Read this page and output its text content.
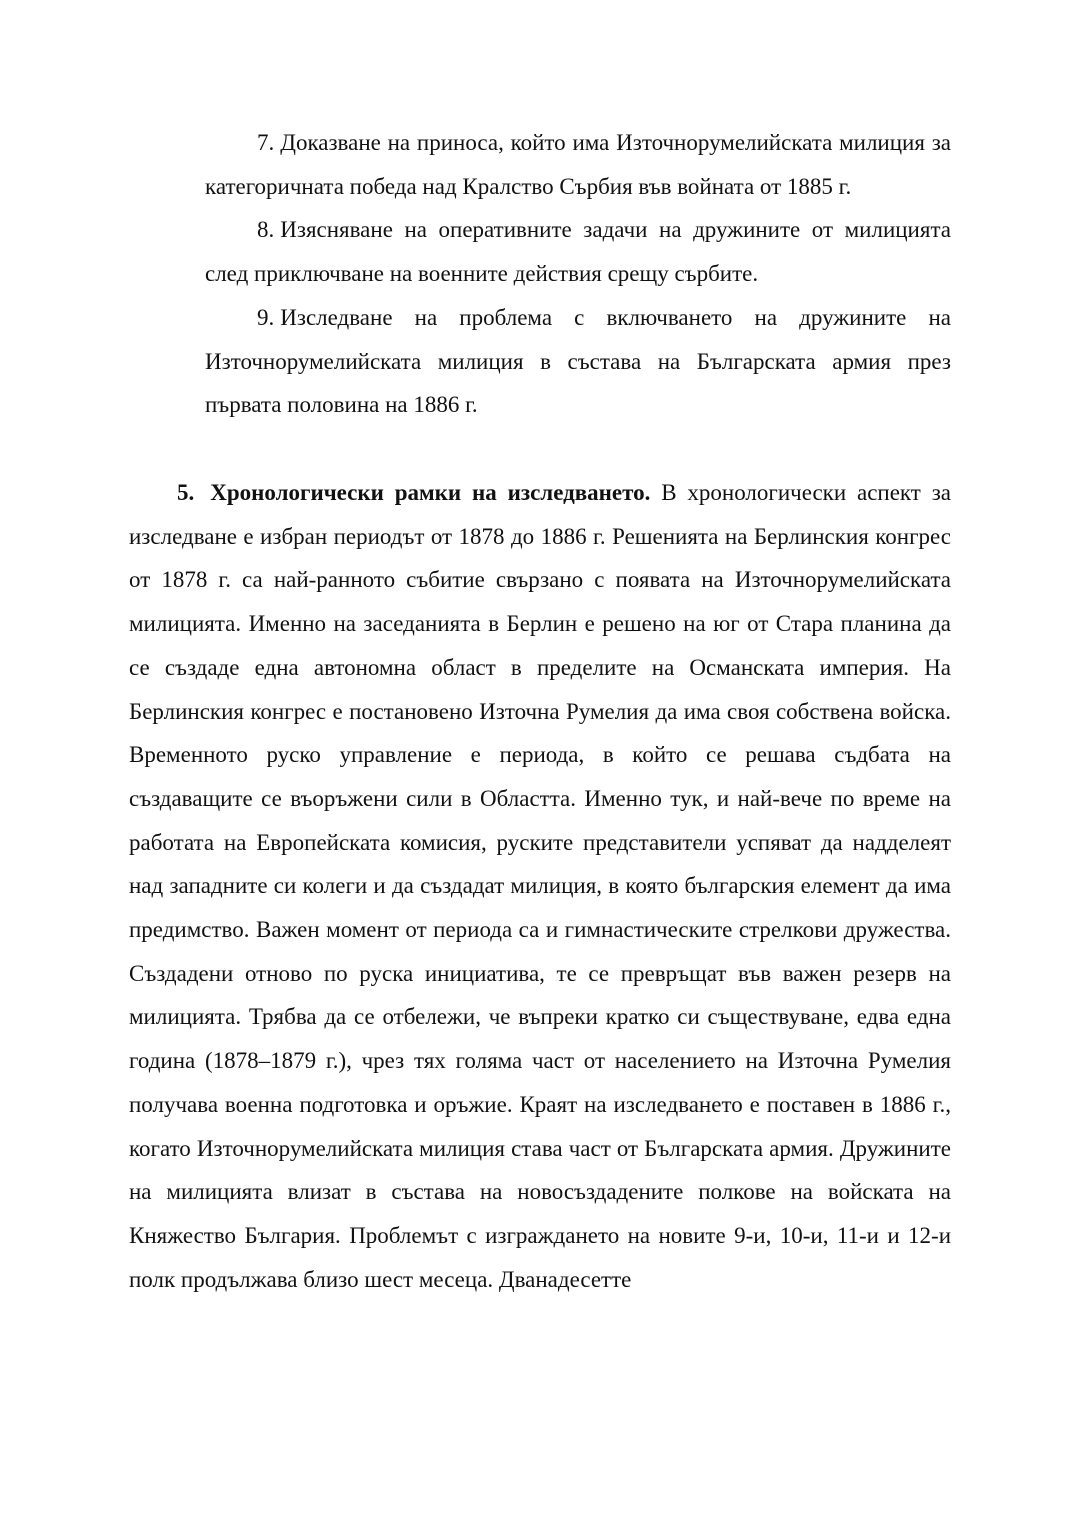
7. Доказване на приноса, който има Източнорумелийската милиция за категоричната победа над Кралство Сърбия във войната от 1885 г.
8. Изясняване на оперативните задачи на дружините от милицията след приключване на военните действия срещу сърбите.
9. Изследване на проблема с включването на дружините на Източнорумелийската милиция в състава на Българската армия през първата половина на 1886 г.

5. Хронологически рамки на изследването. В хронологически аспект за изследване е избран периодът от 1878 до 1886 г. Решенията на Берлинския конгрес от 1878 г. са най-ранното събитие свързано с появата на Източнорумелийската милицията. Именно на заседанията в Берлин е решено на юг от Стара планина да се създаде една автономна област в пределите на Османската империя. На Берлинския конгрес е постановено Източна Румелия да има своя собствена войска. Временното руско управление е периода, в който се решава съдбата на създаващите се въоръжени сили в Областта. Именно тук, и най-вече по време на работата на Европейската комисия, руските представители успяват да надделеят над западните си колеги и да създадат милиция, в която българския елемент да има предимство. Важен момент от периода са и гимнастическите стрелкови дружества. Създадени отново по руска инициатива, те се превръщат във важен резерв на милицията. Трябва да се отбележи, че въпреки кратко си съществуване, едва една година (1878–1879 г.), чрез тях голяма част от населението на Източна Румелия получава военна подготовка и оръжие. Краят на изследването е поставен в 1886 г., когато Източнорумелийската милиция става част от Българската армия. Дружините на милицията влизат в състава на новосъздадените полкове на войската на Княжество България. Проблемът с изграждането на новите 9-и, 10-и, 11-и и 12-и полк продължава близо шест месеца. Дванадесетте
